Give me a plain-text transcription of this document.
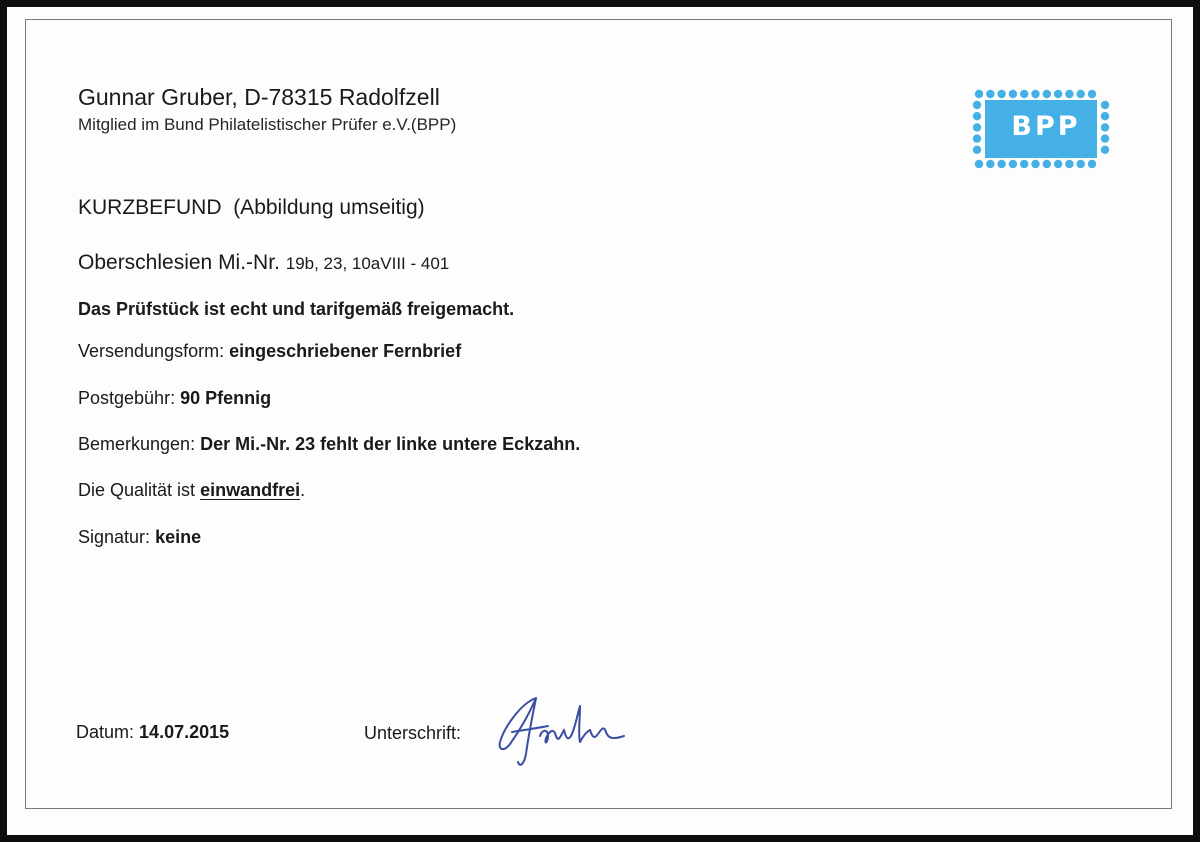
Gunnar Gruber, D-78315 Radolfzell
Mitglied im Bund Philatelistischer Prüfer e.V.(BPP)	BPP
KURZBEFUND (Abbildung umseitig)
Oberschlesien Mi.-Nr. 19b, 23, 10aVIII - 401
Das Prüfstück ist echt und tarifgemäß freigemacht.
Versendungsform: eingeschriebener Fernbrief
Postgebühr: 90 Pfennig
Bemerkungen: Der Mi.-Nr. 23 fehlt der linke untere Eckzahn.
Die Qualität ist einwandfrei.
Signatur: keine
Datum: 14.07.2015	Unterschrift:
